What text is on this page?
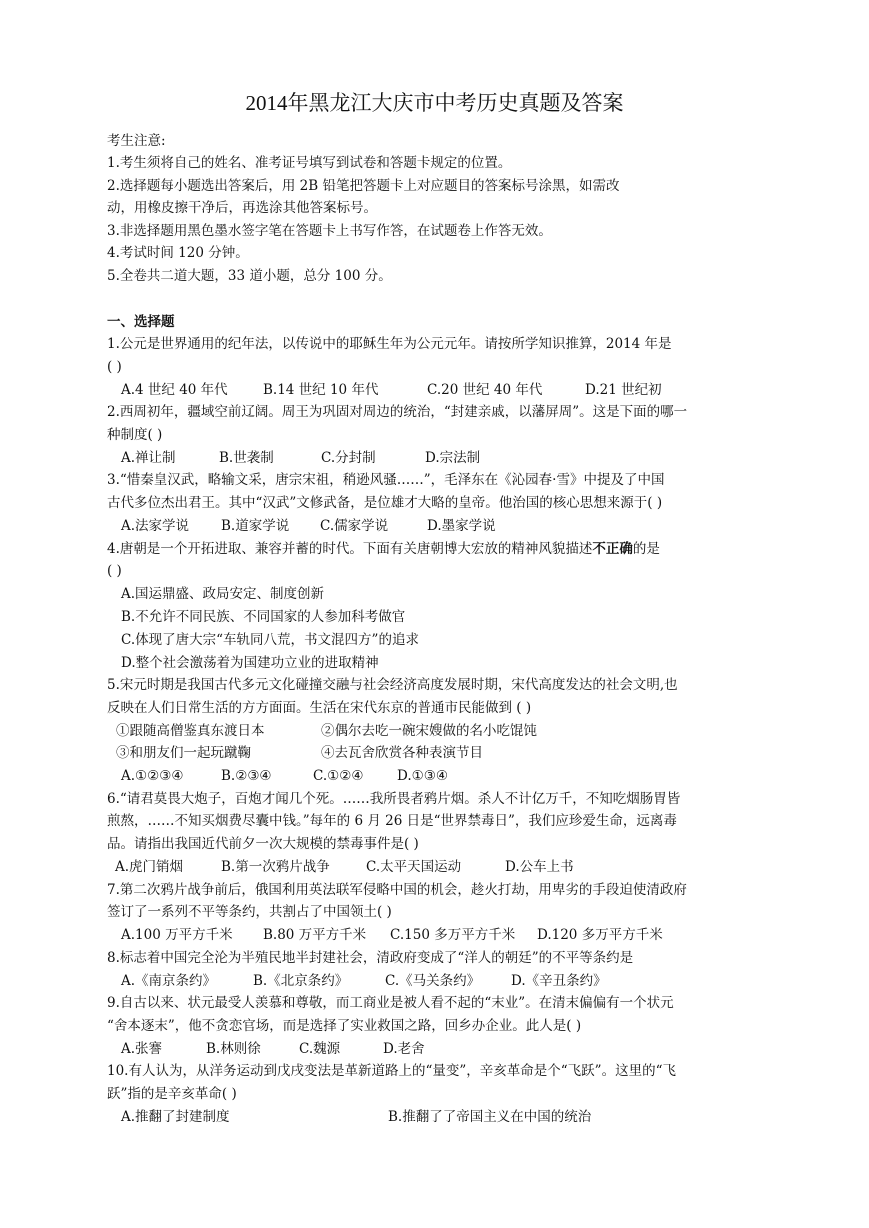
2014年黑龙江大庆市中考历史真题及答案
考生注意:
1.考生须将自己的姓名、准考证号填写到试卷和答题卡规定的位置。
2.选择题每小题选出答案后，用 2B 铅笔把答题卡上对应题目的答案标号涂黑，如需改
动，用橡皮擦干净后，再选涂其他答案标号。
3.非选择题用黑色墨水签字笔在答题卡上书写作答，在试题卷上作答无效。
4.考试时间 120 分钟。
5.全卷共二道大题，33 道小题，总分 100 分。
一、选择题
1.公元是世界通用的纪年法，以传说中的耶稣生年为公元元年。请按所学知识推算，2014 年是
( )
A.4 世纪 40 年代	B.14 世纪 10 年代	C.20 世纪 40 年代	D.21 世纪初
2.西周初年，疆域空前辽阔。周王为巩固对周边的统治，“封建亲戚，以藩屏周”。这是下面的哪一
种制度( )
A.禅让制	B.世袭制	C.分封制	D.宗法制
3.“惜秦皇汉武，略输文采，唐宗宋祖，稍逊风骚……”，毛泽东在《沁园春·雪》中提及了中国
古代多位杰出君王。其中“汉武”文修武备，是位雄才大略的皇帝。他治国的核心思想来源于( )
A.法家学说 B.道家学说 C.儒家学说	D.墨家学说
4.唐朝是一个开拓进取、兼容并蓄的时代。下面有关唐朝博大宏放的精神风貌描述不正确的是
( )
A.国运鼎盛、政局安定、制度创新
B.不允许不同民族、不同国家的人参加科考做官
C.体现了唐大宗“车轨同八荒，书文混四方”的追求
D.整个社会激荡着为国建功立业的进取精神
5.宋元时期是我国古代多元文化碰撞交融与社会经济高度发展时期，宋代高度发达的社会文明,也
反映在人们日常生活的方方面面。生活在宋代东京的普通市民能做到 ( )
①跟随高僧鉴真东渡日本	②偶尔去吃一碗宋嫂做的名小吃馄饨
③和朋友们一起玩蹴鞠	④去瓦舍欣赏各种表演节目
A.①②③④	B.②③④	C.①②④ D.①③④
6.“请君莫畏大炮子，百炮才闻几个死。……我所畏者鸦片烟。杀人不计亿万千，不知吃烟肠胃皆
煎熬，……不知买烟费尽囊中钱。”每年的 6 月 26 日是“世界禁毒日”，我们应珍爱生命，远离毒
品。请指出我国近代前夕一次大规模的禁毒事件是( )
A.虎门销烟	B.第一次鸦片战争	C.太平天国运动	D.公车上书
7.第二次鸦片战争前后，俄国利用英法联军侵略中国的机会，趁火打劫，用卑劣的手段迫使清政府
签订了一系列不平等条约，共割占了中国领土( )
A.100 万平方千米 B.80 万平方千米 C.150 多万平方千米 D.120 多万平方千米
8.标志着中国完全沦为半殖民地半封建社会，清政府变成了“洋人的朝廷”的不平等条约是
A.《南京条约》	B.《北京条约》	C.《马关条约》 D.《辛丑条约》
9.自古以来、状元最受人羡慕和尊敬，而工商业是被人看不起的“末业”。在清末偏偏有一个状元
“舍本逐末”，他不贪恋官场，而是选择了实业救国之路，回乡办企业。此人是( )
A.张謇	B.林则徐	C.魏源	D.老舍
10.有人认为，从洋务运动到戊戌变法是革新道路上的“量变”，辛亥革命是个“飞跃”。这里的“飞
跃”指的是辛亥革命( )
A.推翻了封建制度	B.推翻了了帝国主义在中国的统治
